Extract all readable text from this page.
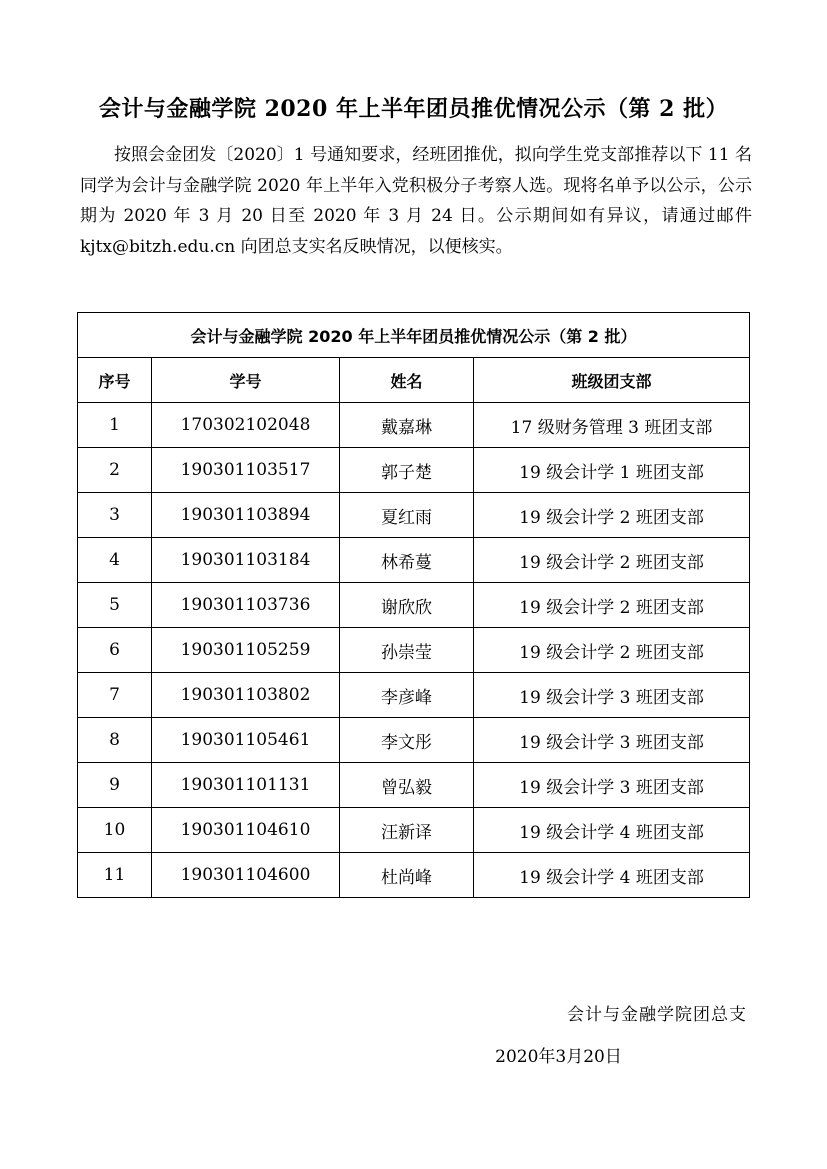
会计与金融学院 2020 年上半年团员推优情况公示（第 2 批）

按照会金团发〔2020〕1 号通知要求，经班团推优，拟向学生党支部推荐以下 11 名同学为会计与金融学院 2020 年上半年入党积极分子考察人选。现将名单予以公示，公示期为 2020 年 3 月 20 日至 2020 年 3 月 24 日。公示期间如有异议，请通过邮件 kjtx@bitzh.edu.cn 向团总支实名反映情况，以便核实。

会计与金融学院 2020 年上半年团员推优情况公示（第 2 批）			
序号	学号	姓名	班级团支部
1	170302102048	戴嘉琳	17 级财务管理 3 班团支部
2	190301103517	郭子楚	19 级会计学 1 班团支部
3	190301103894	夏红雨	19 级会计学 2 班团支部
4	190301103184	林希蔓	19 级会计学 2 班团支部
5	190301103736	谢欣欣	19 级会计学 2 班团支部
6	190301105259	孙崇莹	19 级会计学 2 班团支部
7	190301103802	李彦峰	19 级会计学 3 班团支部
8	190301105461	李文彤	19 级会计学 3 班团支部
9	190301101131	曾弘毅	19 级会计学 3 班团支部
10	190301104610	汪新译	19 级会计学 4 班团支部
11	190301104600	杜尚峰	19 级会计学 4 班团支部
会计与金融学院团总支
2020年3月20日
